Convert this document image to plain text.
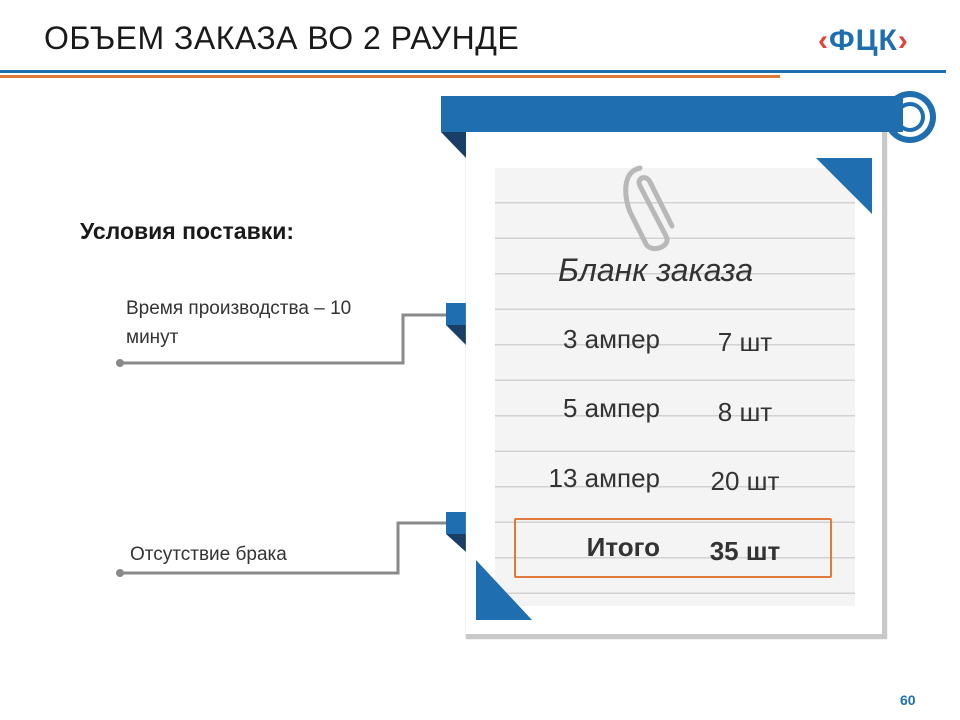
ОБЪЕМ ЗАКАЗА ВО 2 РАУНДЕ	‹ФЦК›
Условия поставки:
Время производства – 10 минут
Отсутствие брака
Бланк заказа
3 ампер	7 шт
5 ампер	8 шт
13 ампер	20 шт
Итого	35 шт
60
